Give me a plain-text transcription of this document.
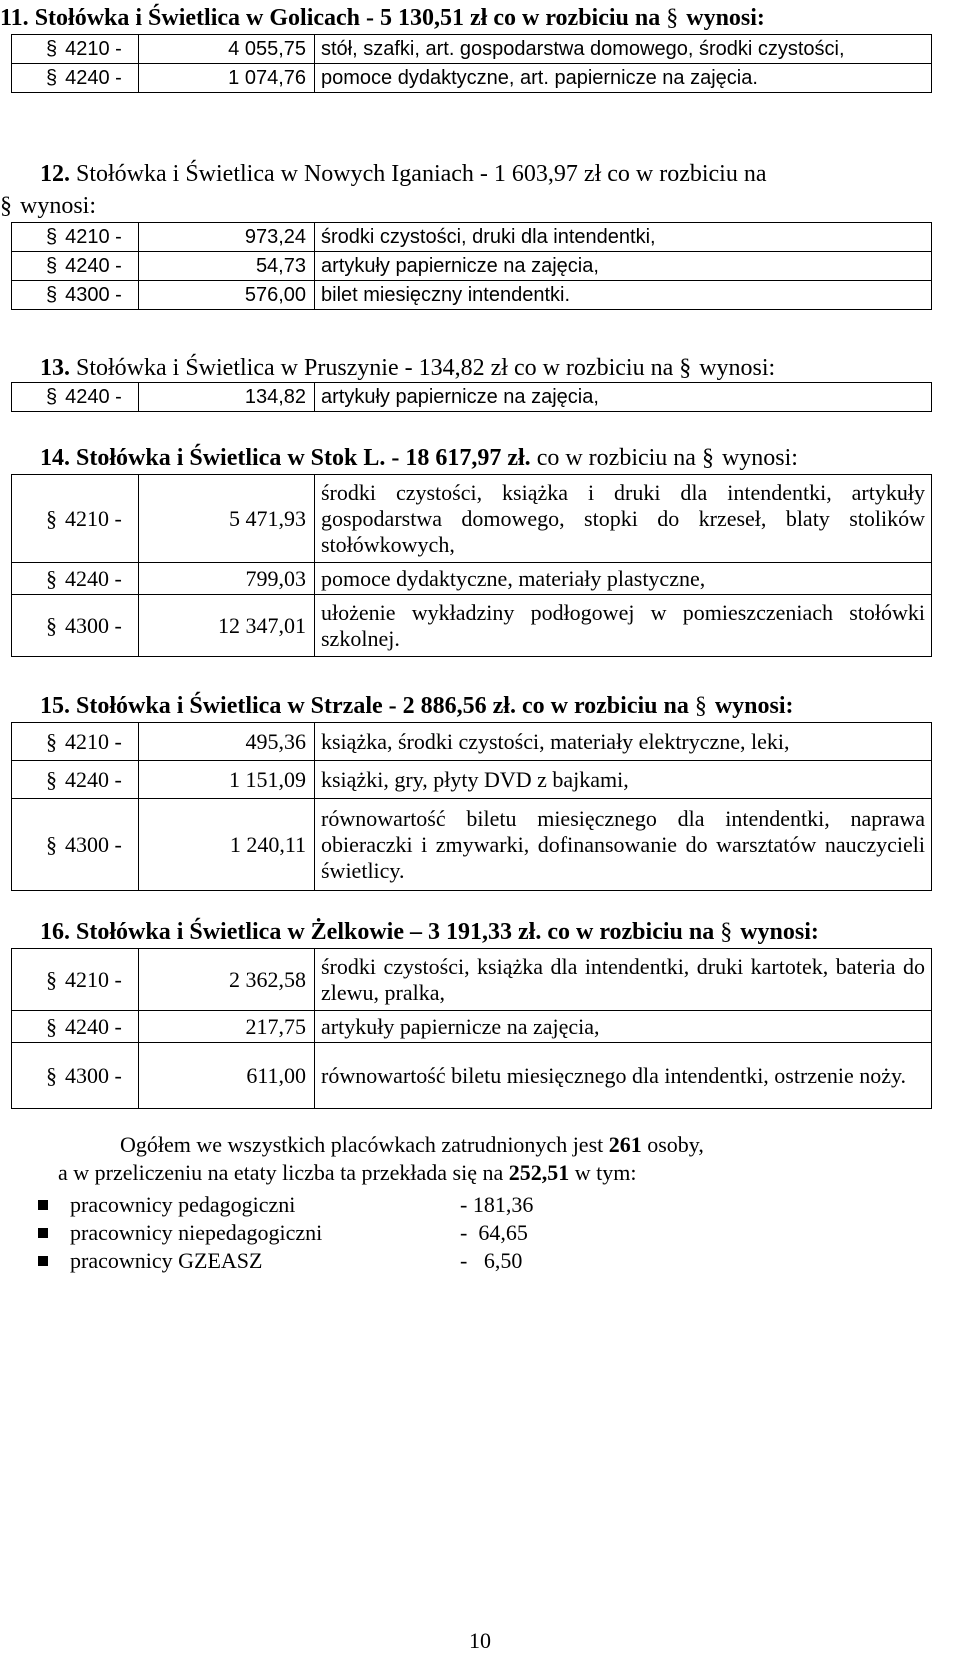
11. Stołówka i Świetlica w Golicach - 5 130,51 zł co w rozbiciu na § wynosi:
§ 4210 -	4 055,75	stół, szafki, art. gospodarstwa domowego, środki czystości,
§ 4240 -	1 074,76	pomoce dydaktyczne, art. papiernicze na zajęcia.
12. Stołówka i Świetlica w Nowych Iganiach - 1 603,97 zł co w rozbiciu na
§ wynosi:
§ 4210 -	973,24	środki czystości, druki dla intendentki,
§ 4240 -	54,73	artykuły papiernicze na zajęcia,
§ 4300 -	576,00	bilet miesięczny intendentki.
13. Stołówka i Świetlica w Pruszynie - 134,82 zł co w rozbiciu na § wynosi:
§ 4240 -	134,82	artykuły papiernicze na zajęcia,
14. Stołówka i Świetlica w Stok L. - 18 617,97 zł. co w rozbiciu na § wynosi:
§ 4210 -	5 471,93	środki czystości, książka i druki dla intendentki, artykuły gospodarstwa domowego, stopki do krzeseł, blaty stolików stołówkowych,
§ 4240 -	799,03	pomoce dydaktyczne, materiały plastyczne,
§ 4300 -	12 347,01	ułożenie wykładziny podłogowej w pomieszczeniach stołówki szkolnej.
15. Stołówka i Świetlica w Strzale - 2 886,56 zł. co w rozbiciu na § wynosi:
§ 4210 -	495,36	książka, środki czystości, materiały elektryczne, leki,
§ 4240 -	1 151,09	książki, gry, płyty DVD z bajkami,
§ 4300 -	1 240,11	równowartość biletu miesięcznego dla intendentki, naprawa obieraczki i zmywarki, dofinansowanie do warsztatów nauczycieli świetlicy.
16. Stołówka i Świetlica w Żelkowie – 3 191,33 zł. co w rozbiciu na § wynosi:
§ 4210 -	2 362,58	środki czystości, książka dla intendentki, druki kartotek, bateria do zlewu, pralka,
§ 4240 -	217,75	artykuły papiernicze na zajęcia,
§ 4300 -	611,00	równowartość biletu miesięcznego dla intendentki, ostrzenie noży.

Ogółem we wszystkich placówkach zatrudnionych jest 261 osoby,

a w przeliczeniu na etaty liczba ta przekłada się na 252,51 w tym:
pracownicy pedagogiczni	- 181,36
pracownicy niepedagogiczni	-  64,65
pracownicy GZEASZ	-   6,50
10
